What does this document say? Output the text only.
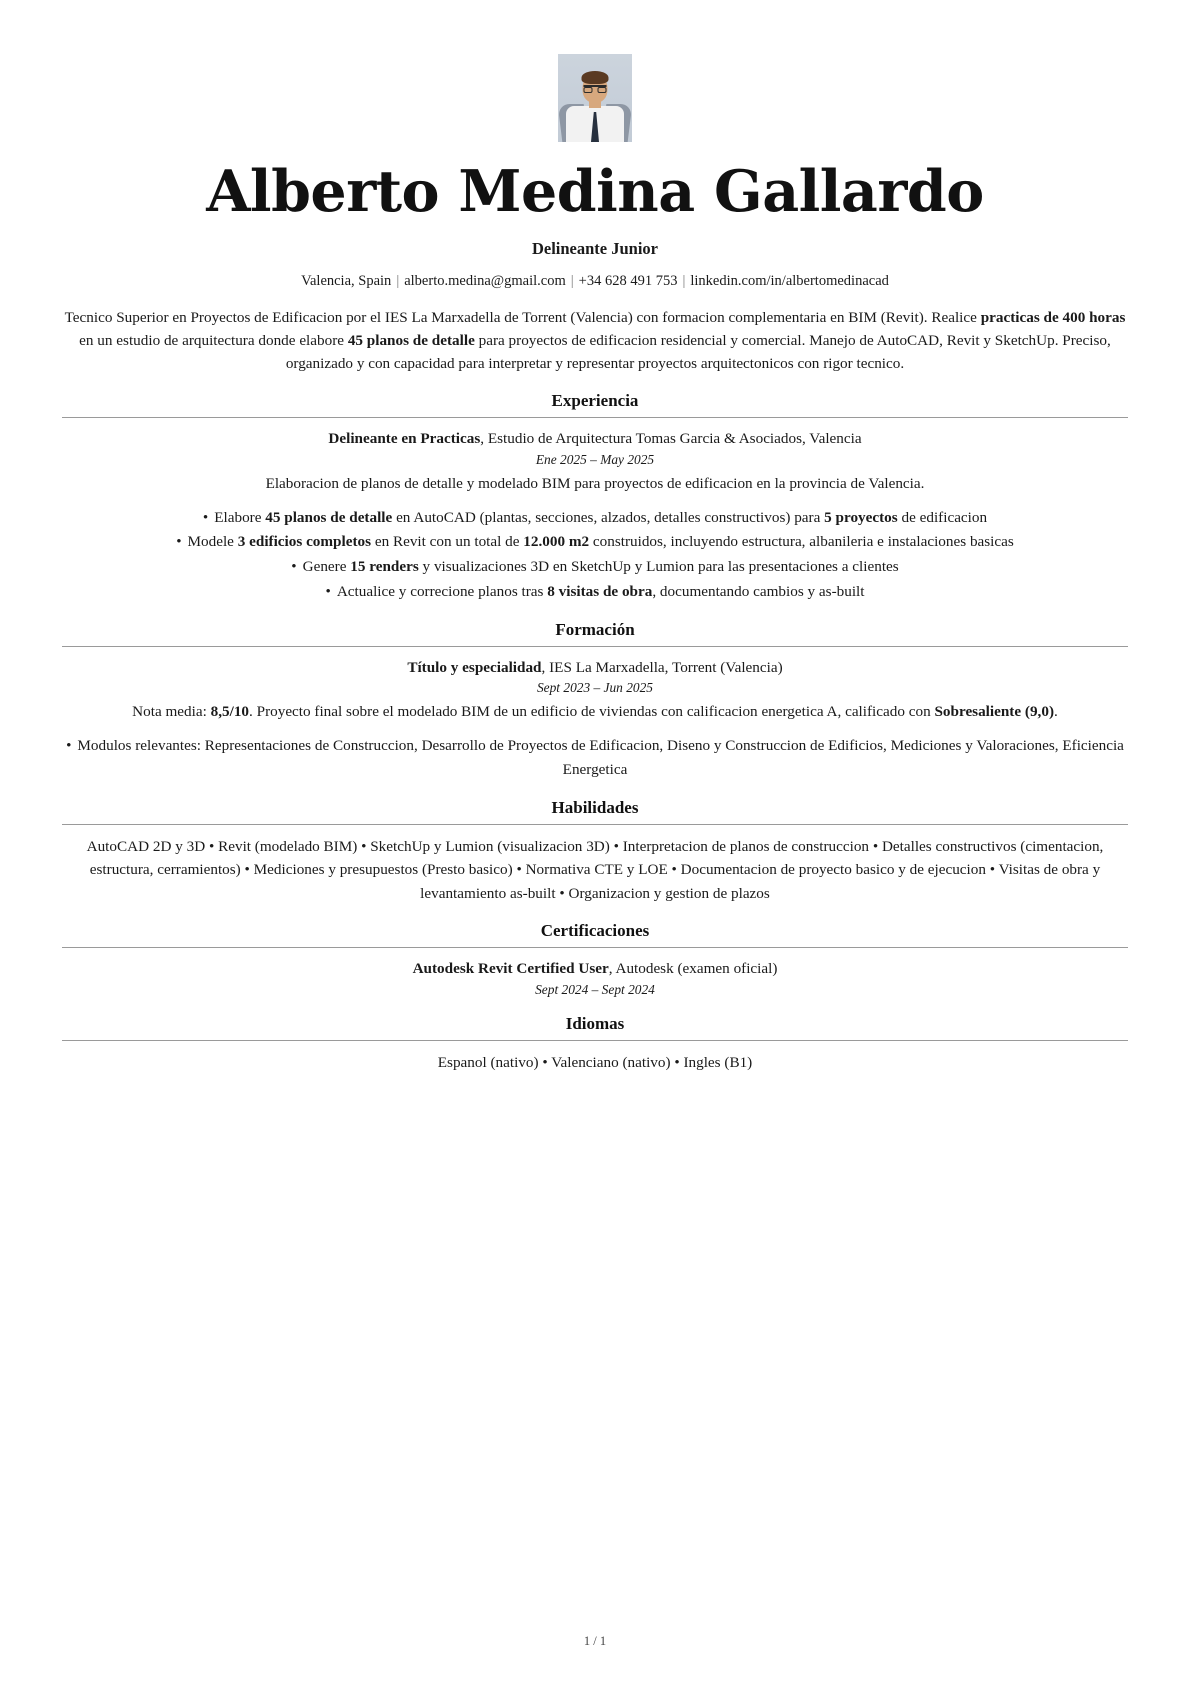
Alberto Medina Gallardo
Delineante Junior
Valencia, Spain | alberto.medina@gmail.com | +34 628 491 753 | linkedin.com/in/albertomedinacad
Tecnico Superior en Proyectos de Edificacion por el IES La Marxadella de Torrent (Valencia) con formacion complementaria en BIM (Revit). Realice practicas de 400 horas en un estudio de arquitectura donde elabore 45 planos de detalle para proyectos de edificacion residencial y comercial. Manejo de AutoCAD, Revit y SketchUp. Preciso, organizado y con capacidad para interpretar y representar proyectos arquitectonicos con rigor tecnico.
Experiencia
Delineante en Practicas, Estudio de Arquitectura Tomas Garcia & Asociados, Valencia
Ene 2025 – May 2025
Elaboracion de planos de detalle y modelado BIM para proyectos de edificacion en la provincia de Valencia.
• Elabore 45 planos de detalle en AutoCAD (plantas, secciones, alzados, detalles constructivos) para 5 proyectos de edificacion
• Modele 3 edificios completos en Revit con un total de 12.000 m2 construidos, incluyendo estructura, albanileria e instalaciones basicas
• Genere 15 renders y visualizaciones 3D en SketchUp y Lumion para las presentaciones a clientes
• Actualice y correcione planos tras 8 visitas de obra, documentando cambios y as-built
Formación
Título y especialidad, IES La Marxadella, Torrent (Valencia)
Sept 2023 – Jun 2025
Nota media: 8,5/10. Proyecto final sobre el modelado BIM de un edificio de viviendas con calificacion energetica A, calificado con Sobresaliente (9,0).
• Modulos relevantes: Representaciones de Construccion, Desarrollo de Proyectos de Edificacion, Diseno y Construccion de Edificios, Mediciones y Valoraciones, Eficiencia Energetica
Habilidades
AutoCAD 2D y 3D • Revit (modelado BIM) • SketchUp y Lumion (visualizacion 3D) • Interpretacion de planos de construccion • Detalles constructivos (cimentacion, estructura, cerramientos) • Mediciones y presupuestos (Presto basico) • Normativa CTE y LOE • Documentacion de proyecto basico y de ejecucion • Visitas de obra y levantamiento as-built • Organizacion y gestion de plazos
Certificaciones
Autodesk Revit Certified User, Autodesk (examen oficial)
Sept 2024 – Sept 2024
Idiomas
Espanol (nativo) • Valenciano (nativo) • Ingles (B1)
1 / 1
